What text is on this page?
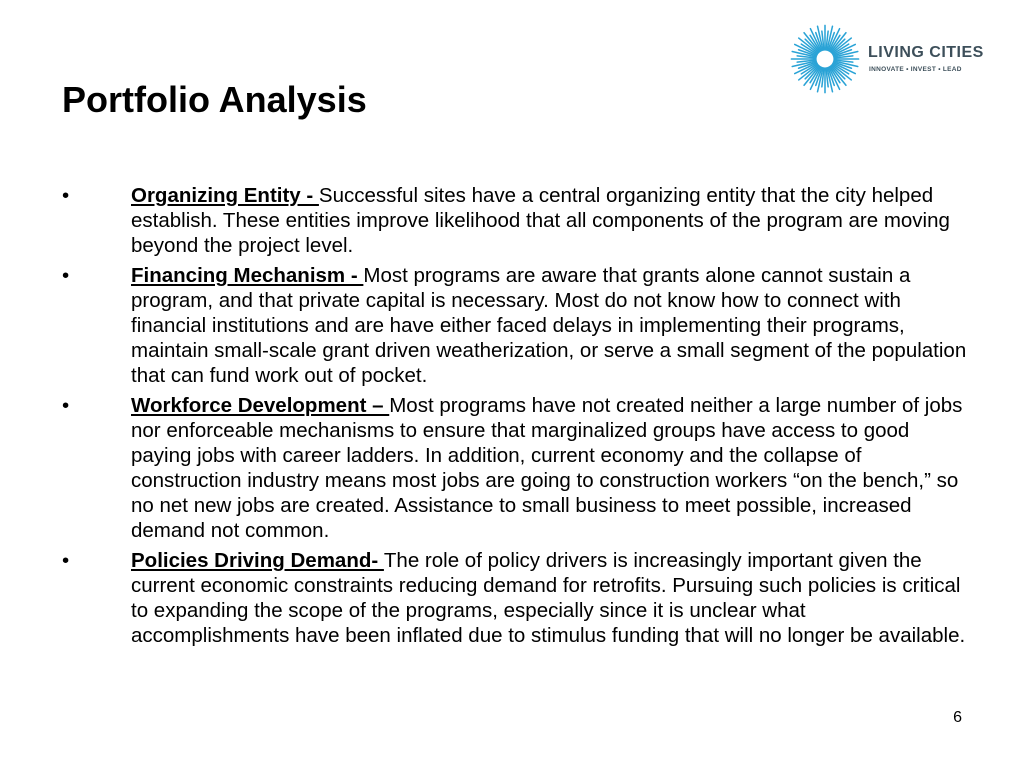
Portfolio Analysis
LIVING CITIES
INNOVATE • INVEST • LEAD
•	Organizing Entity - Successful sites have a central organizing entity that the city helped establish. These entities improve likelihood that all components of the program are moving beyond the project level.
•	Financing Mechanism - Most programs are aware that grants alone cannot sustain a program, and that private capital is necessary. Most do not know how to connect with financial institutions and are have either faced delays in implementing their programs, maintain small-scale grant driven weatherization, or serve a small segment of the population that can fund work out of pocket.
•	Workforce Development – Most programs have not created neither a large number of jobs nor enforceable mechanisms to ensure that marginalized groups have access to good paying jobs with career ladders. In addition, current economy and the collapse of construction industry means most jobs are going to construction workers “on the bench,” so no net new jobs are created. Assistance to small business to meet possible, increased demand not common.
•	Policies Driving Demand- The role of policy drivers is increasingly important given the current economic constraints reducing demand for retrofits. Pursuing such policies is critical to expanding the scope of the programs, especially since it is unclear what accomplishments have been inflated due to stimulus funding that will no longer be available.
6
